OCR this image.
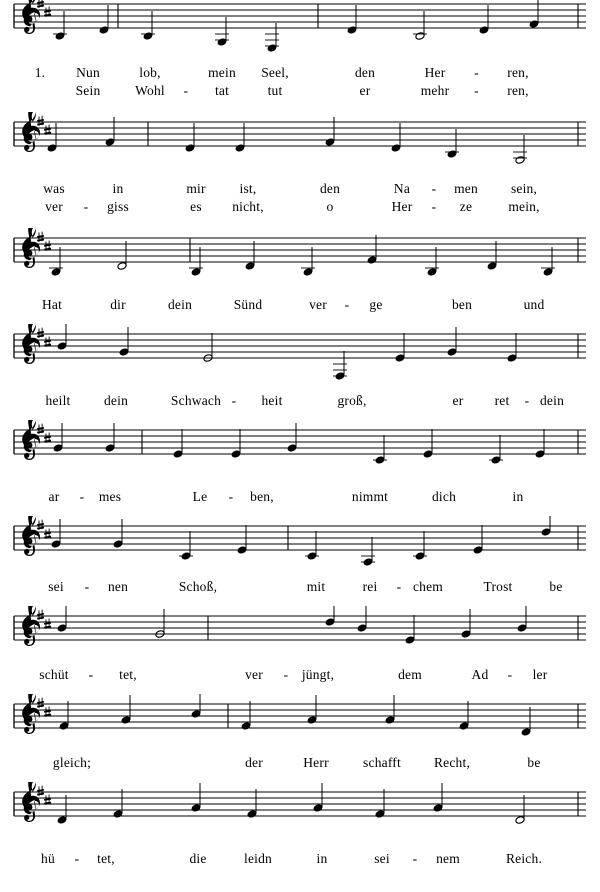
1. Nun	lob,	mein Seel,	den	Her - ren,
Sein	Wohl - tat	tut	er	mehr - ren,
was	in	mir	ist,	den	Na - men sein,
ver - giss	es nicht,	o	Her - ze	mein,
Hat	dir	dein	Sünd	ver - ge	ben	und
heilt dein	Schwach - heit	groß,	er ret - dein
ar - mes	Le - ben,	nimmt	dich	in
sei - nen	Schoß,	mit	rei - chem	Trost	be
schüt - tet,	ver - jüngt,	dem	Ad - ler
gleich;	der	Herr	schafft Recht,	be
hü - tet,	die	leidn	in	sei - nem	Reich.
